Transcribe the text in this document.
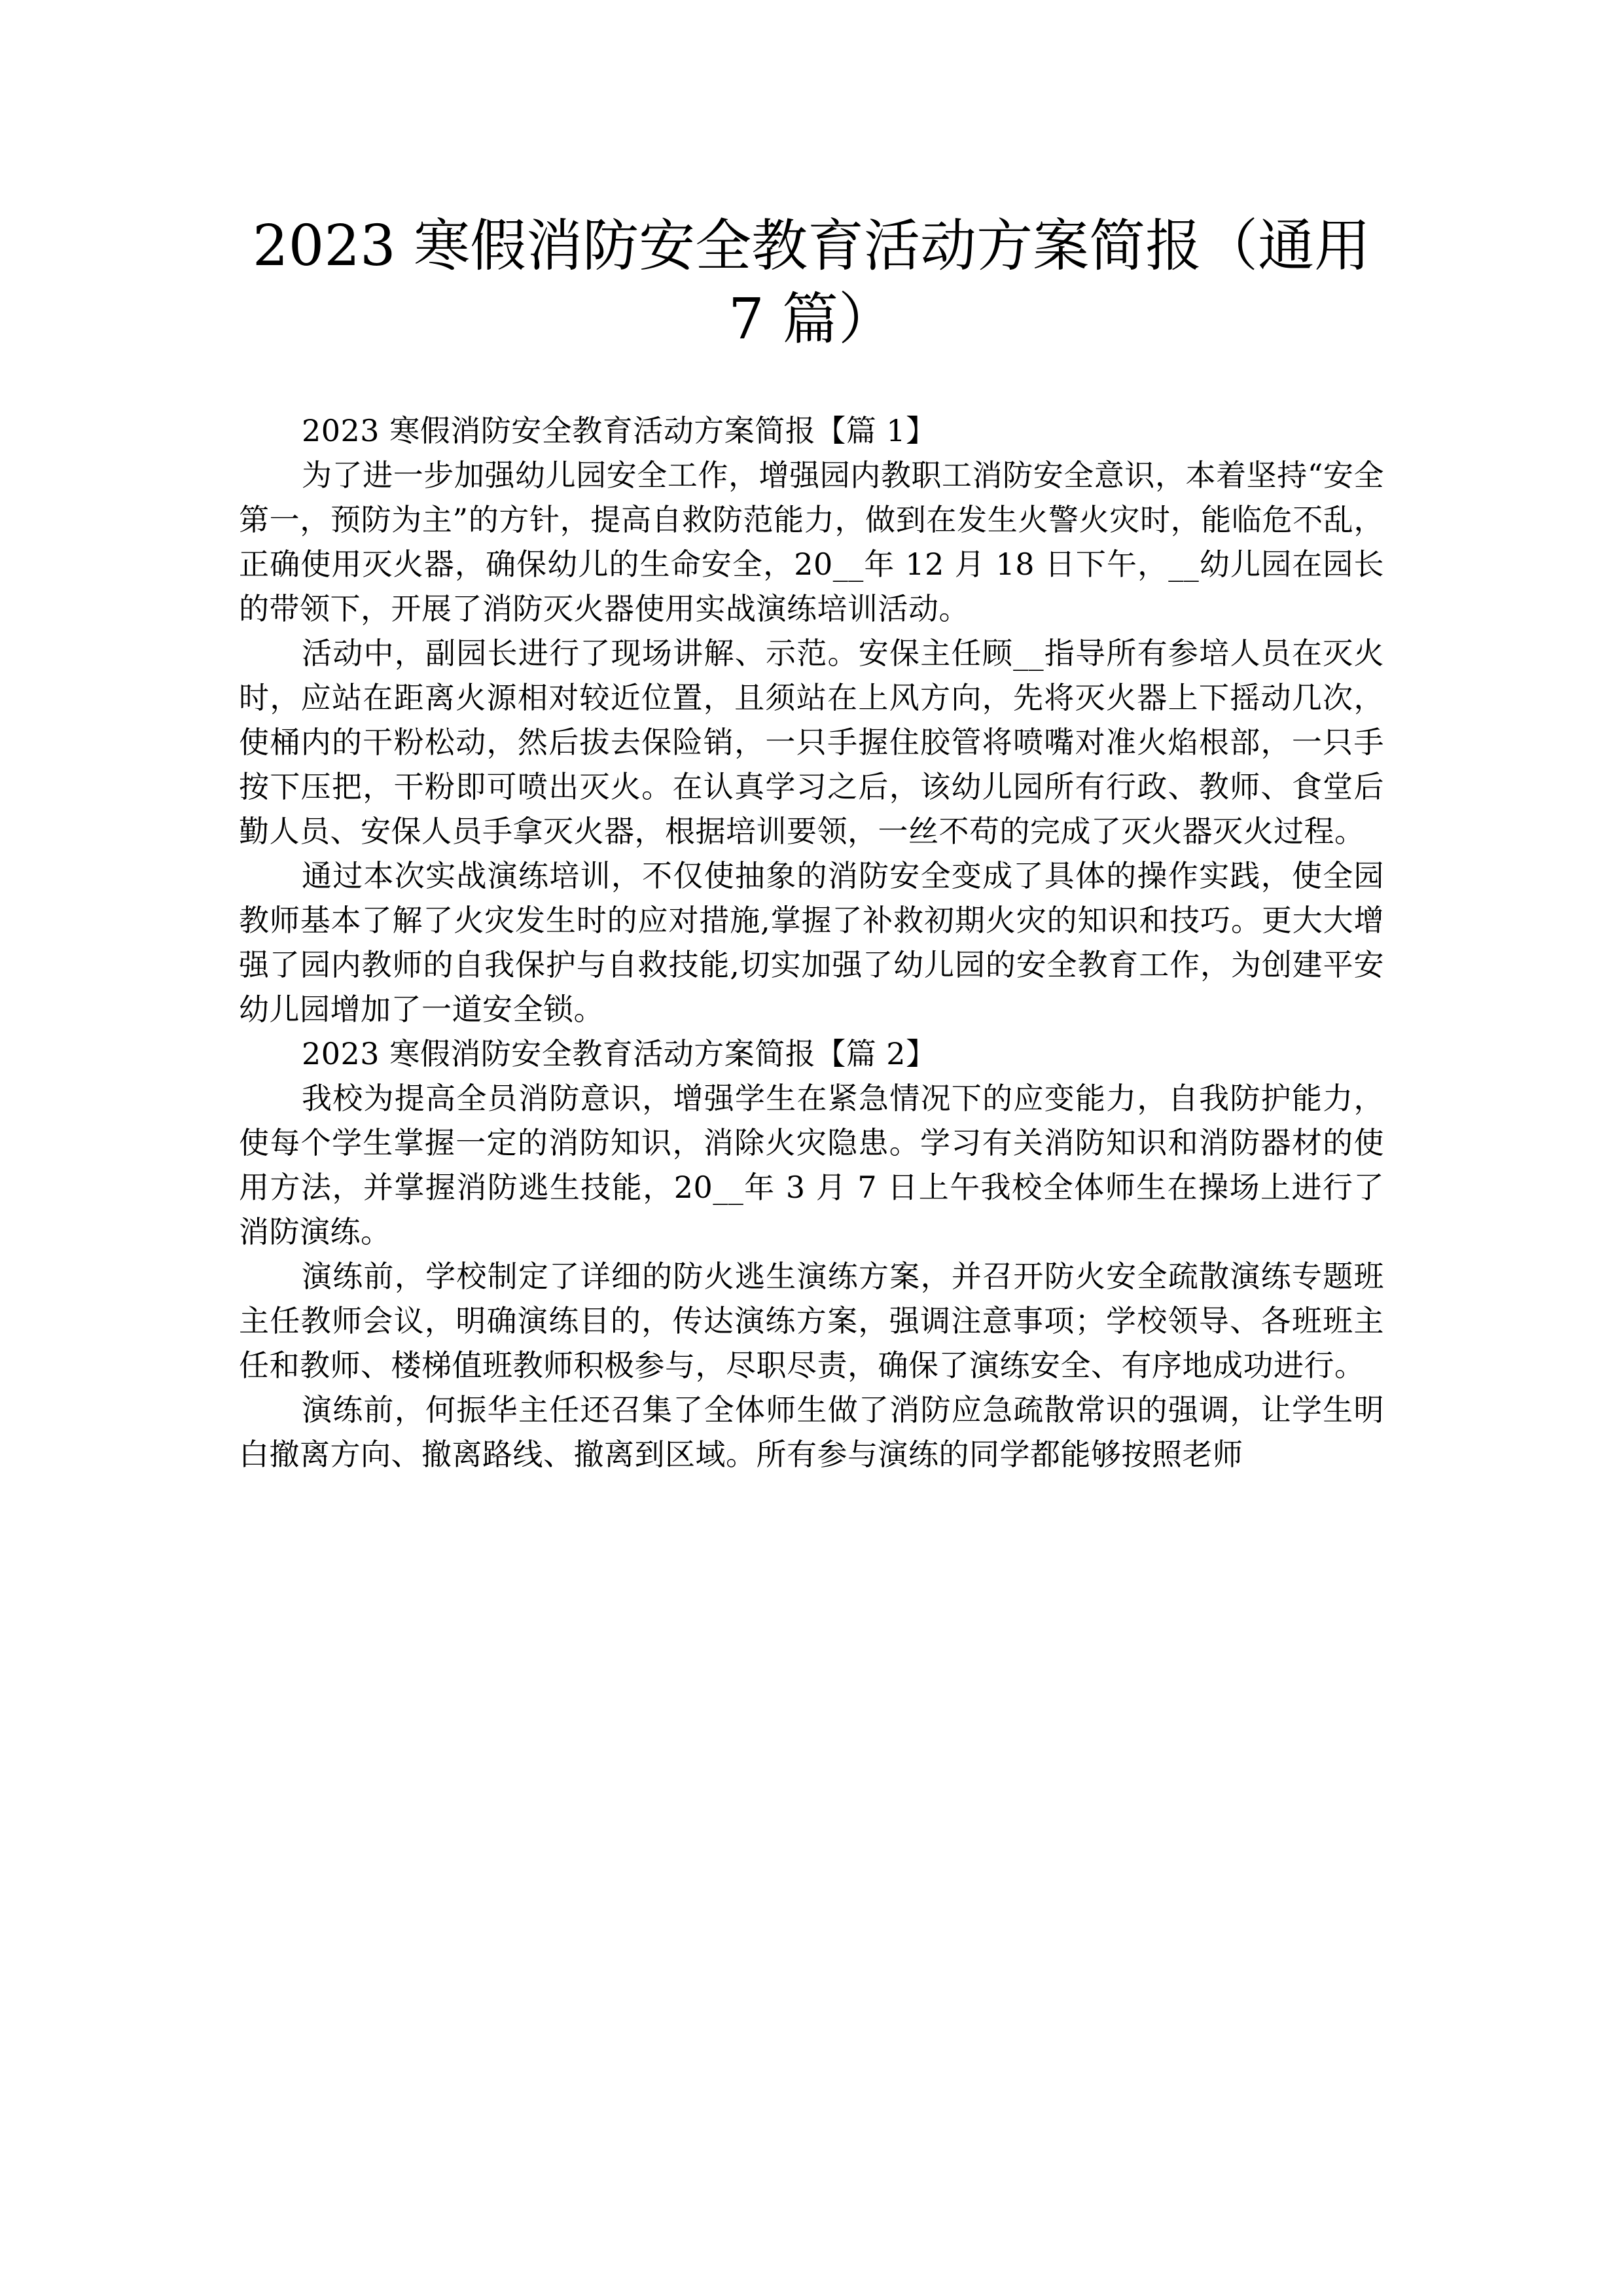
2023 寒假消防安全教育活动方案简报（通用 7 篇）

2023 寒假消防安全教育活动方案简报【篇 1】

为了进一步加强幼儿园安全工作，增强园内教职工消防安全意识，本着坚持“安全第一，预防为主”的方针，提高自救防范能力，做到在发生火警火灾时，能临危不乱，正确使用灭火器，确保幼儿的生命安全，20__年 12 月 18 日下午，__幼儿园在园长的带领下，开展了消防灭火器使用实战演练培训活动。

活动中，副园长进行了现场讲解、示范。安保主任顾__指导所有参培人员在灭火时，应站在距离火源相对较近位置，且须站在上风方向，先将灭火器上下摇动几次，使桶内的干粉松动，然后拔去保险销，一只手握住胶管将喷嘴对准火焰根部，一只手按下压把，干粉即可喷出灭火。在认真学习之后，该幼儿园所有行政、教师、食堂后勤人员、安保人员手拿灭火器，根据培训要领，一丝不苟的完成了灭火器灭火过程。

通过本次实战演练培训，不仅使抽象的消防安全变成了具体的操作实践，使全园教师基本了解了火灾发生时的应对措施,掌握了补救初期火灾的知识和技巧。更大大增强了园内教师的自我保护与自救技能,切实加强了幼儿园的安全教育工作，为创建平安幼儿园增加了一道安全锁。

2023 寒假消防安全教育活动方案简报【篇 2】

我校为提高全员消防意识，增强学生在紧急情况下的应变能力，自我防护能力，使每个学生掌握一定的消防知识，消除火灾隐患。学习有关消防知识和消防器材的使用方法，并掌握消防逃生技能，20__年 3 月 7 日上午我校全体师生在操场上进行了消防演练。

演练前，学校制定了详细的防火逃生演练方案，并召开防火安全疏散演练专题班主任教师会议，明确演练目的，传达演练方案，强调注意事项；学校领导、各班班主任和教师、楼梯值班教师积极参与，尽职尽责，确保了演练安全、有序地成功进行。

演练前，何振华主任还召集了全体师生做了消防应急疏散常识的强调，让学生明白撤离方向、撤离路线、撤离到区域。所有参与演练的同学都能够按照老师
